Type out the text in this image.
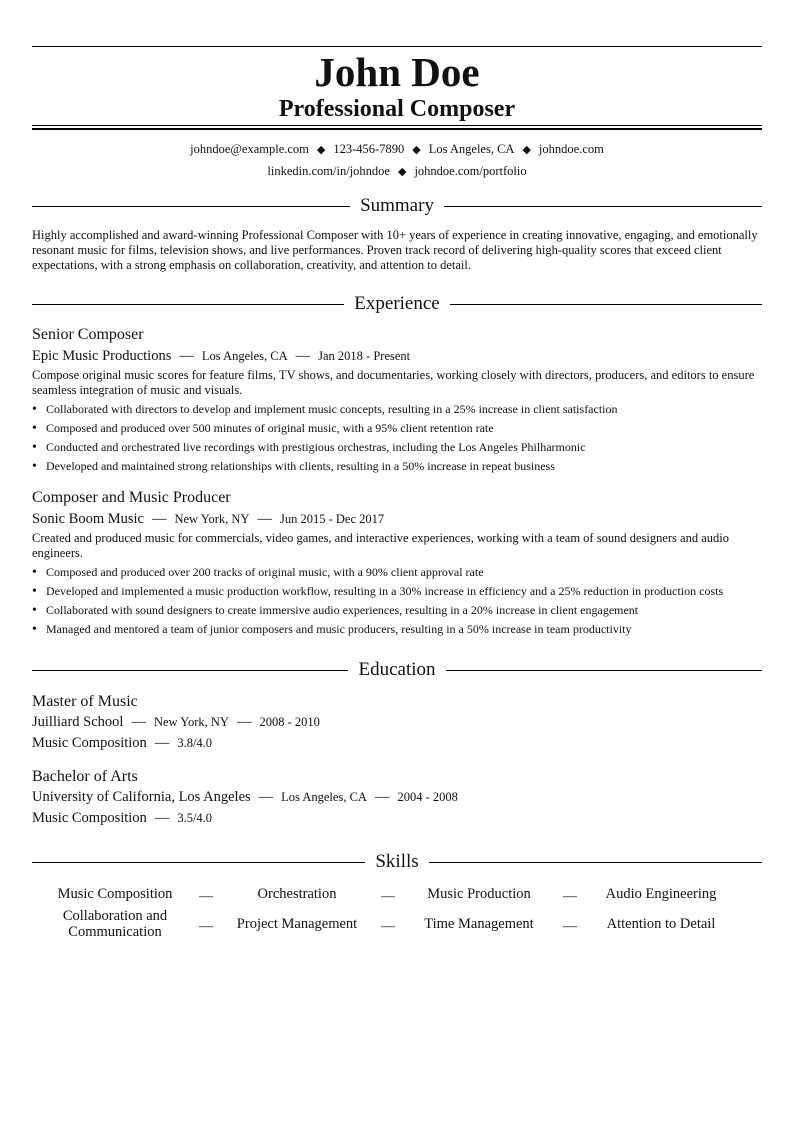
John Doe
Professional Composer
johndoe@example.com ◆ 123-456-7890 ◆ Los Angeles, CA ◆ johndoe.com
linkedin.com/in/johndoe ◆ johndoe.com/portfolio
Summary
Highly accomplished and award-winning Professional Composer with 10+ years of experience in creating innovative, engaging, and emotionally resonant music for films, television shows, and live performances. Proven track record of delivering high-quality scores that exceed client expectations, with a strong emphasis on collaboration, creativity, and attention to detail.
Experience
Senior Composer
Epic Music Productions — Los Angeles, CA — Jan 2018 - Present
Compose original music scores for feature films, TV shows, and documentaries, working closely with directors, producers, and editors to ensure seamless integration of music and visuals.
• Collaborated with directors to develop and implement music concepts, resulting in a 25% increase in client satisfaction
• Composed and produced over 500 minutes of original music, with a 95% client retention rate
• Conducted and orchestrated live recordings with prestigious orchestras, including the Los Angeles Philharmonic
• Developed and maintained strong relationships with clients, resulting in a 50% increase in repeat business
Composer and Music Producer
Sonic Boom Music — New York, NY — Jun 2015 - Dec 2017
Created and produced music for commercials, video games, and interactive experiences, working with a team of sound designers and audio engineers.
• Composed and produced over 200 tracks of original music, with a 90% client approval rate
• Developed and implemented a music production workflow, resulting in a 30% increase in efficiency and a 25% reduction in production costs
• Collaborated with sound designers to create immersive audio experiences, resulting in a 20% increase in client engagement
• Managed and mentored a team of junior composers and music producers, resulting in a 50% increase in team productivity
Education
Master of Music
Juilliard School — New York, NY — 2008 - 2010
Music Composition — 3.8/4.0
Bachelor of Arts
University of California, Los Angeles — Los Angeles, CA — 2004 - 2008
Music Composition — 3.5/4.0
Skills
Music Composition	—	Orchestration	—	Music Production	—	Audio Engineering
Collaboration and Communication	—	Project Management	—	Time Management	—	Attention to Detail
